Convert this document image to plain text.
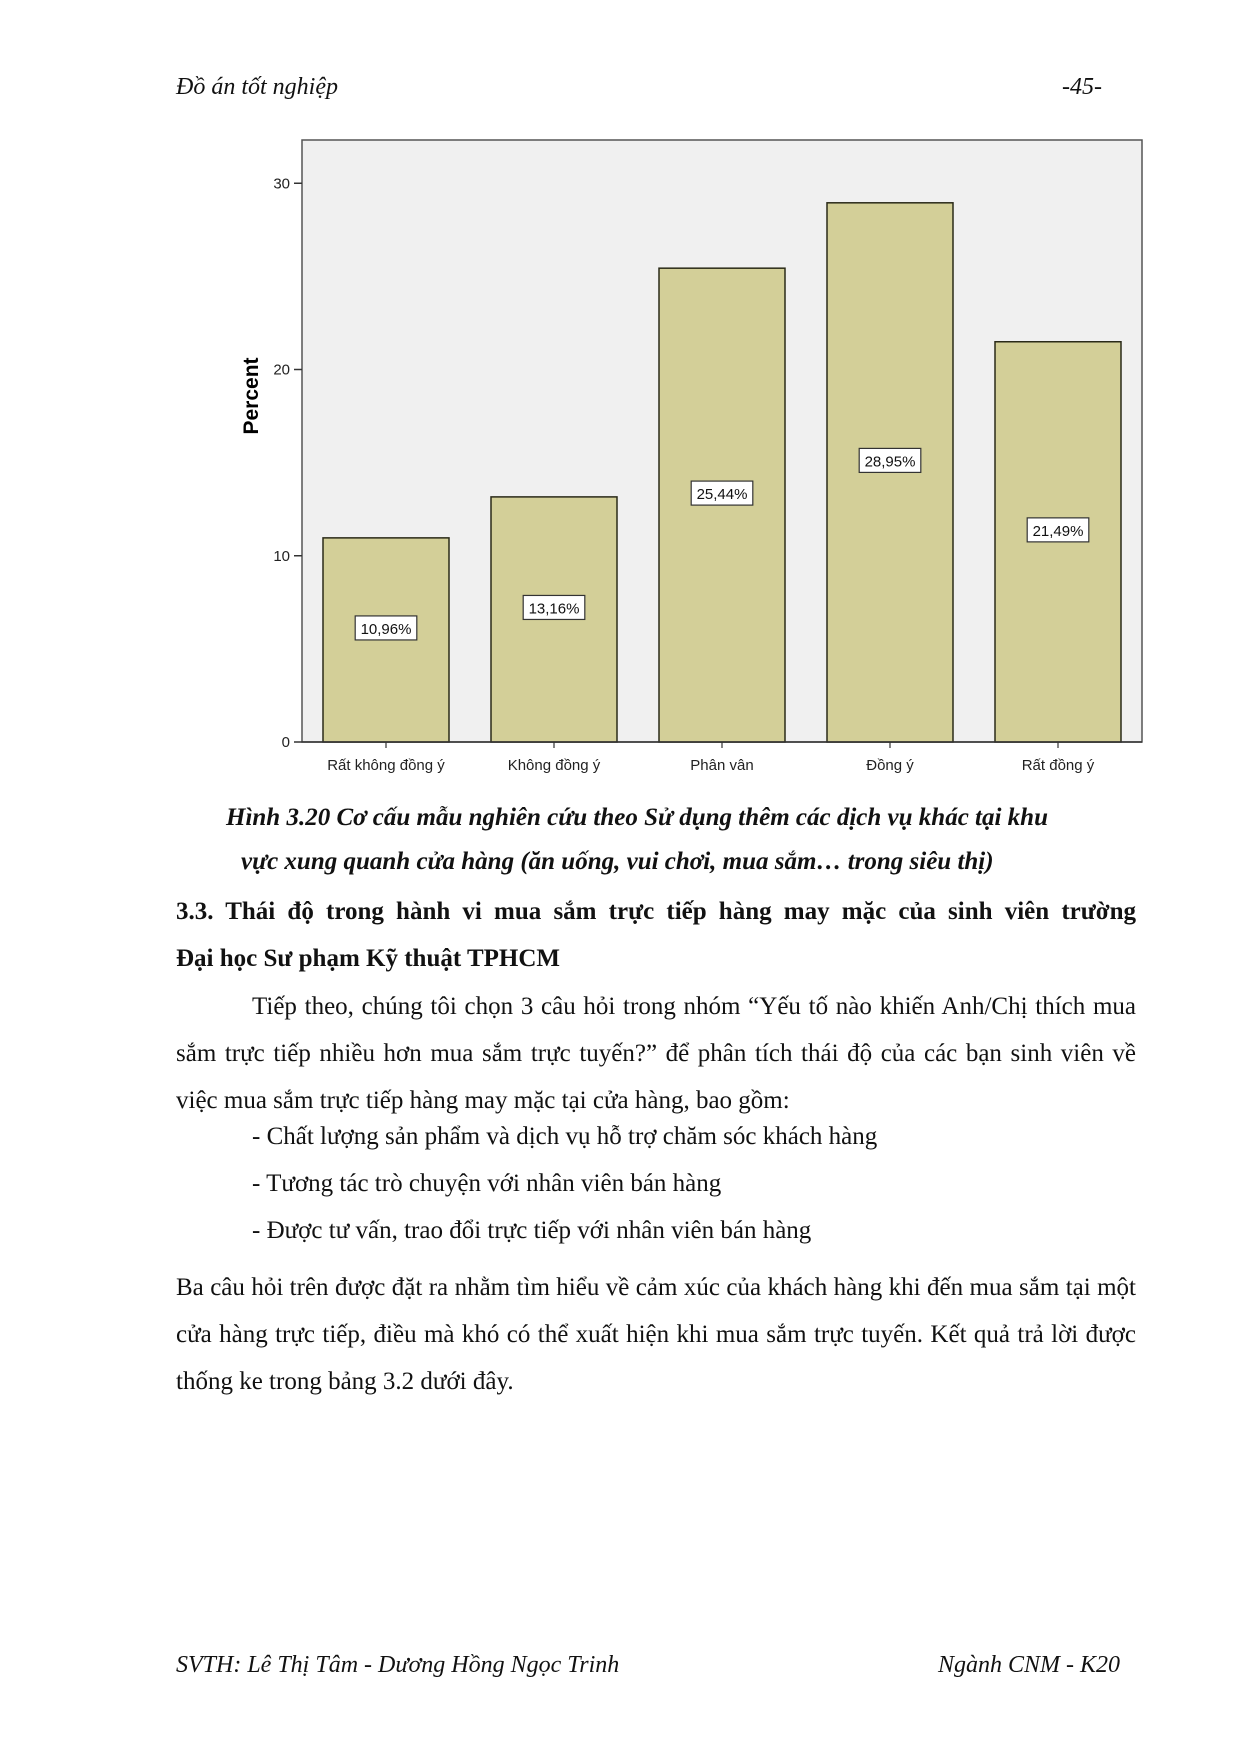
Đồ án tốt nghiệp	-45-
Percent
0
10
20
30
10,96%
Rất không đồng ý
13,16%
Không đồng ý
25,44%
Phân vân
28,95%
Đồng ý
21,49%
Rất đồng ý
Hình 3.20 Cơ cấu mẫu nghiên cứu theo Sử dụng thêm các dịch vụ khác tại khu
vực xung quanh cửa hàng (ăn uống, vui chơi, mua sắm… trong siêu thị)
3.3. Thái độ trong hành vi mua sắm trực tiếp hàng may mặc của sinh viên trường
Đại học Sư phạm Kỹ thuật TPHCM
Tiếp theo, chúng tôi chọn 3 câu hỏi trong nhóm “Yếu tố nào khiến Anh/Chị thích mua sắm trực tiếp nhiều hơn mua sắm trực tuyến?” để phân tích thái độ của các bạn sinh viên về việc mua sắm trực tiếp hàng may mặc tại cửa hàng, bao gồm:
- Chất lượng sản phẩm và dịch vụ hỗ trợ chăm sóc khách hàng
- Tương tác trò chuyện với nhân viên bán hàng
- Được tư vấn, trao đổi trực tiếp với nhân viên bán hàng
Ba câu hỏi trên được đặt ra nhằm tìm hiểu về cảm xúc của khách hàng khi đến mua sắm tại một cửa hàng trực tiếp, điều mà khó có thể xuất hiện khi mua sắm trực tuyến. Kết quả trả lời được thống ke trong bảng 3.2 dưới đây.
SVTH: Lê Thị Tâm - Dương Hồng Ngọc Trinh	Ngành CNM - K20
